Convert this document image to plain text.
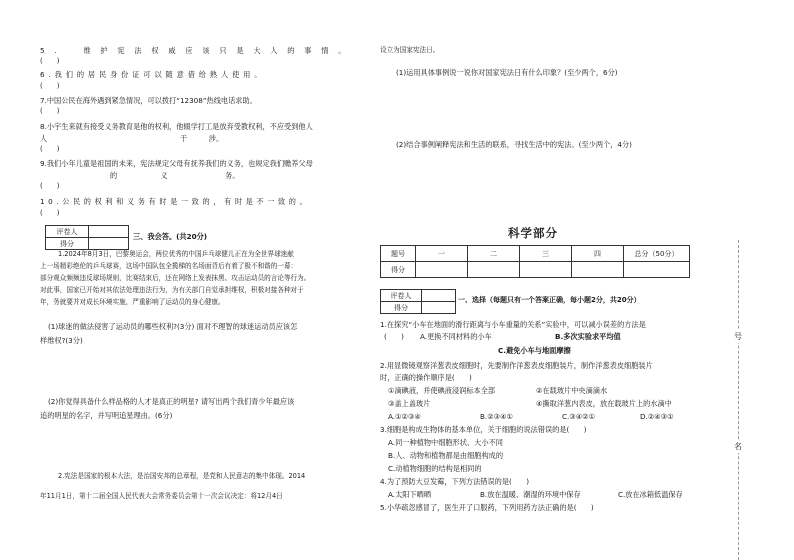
5.　维护宪法权威应该只是大人的事情。
(　　)
6.我们的居民身份证可以随意借给熟人使用。
(　　)
7.中国公民在海外遇到紧急情况，可以拨打“12308”热线电话求助。
(　　)
8.小宇生来就有接受义务教育是他的权利，他辍学打工是放弃受教权利，不应受到他人
人	干　　　涉。
(　　)
9.我们小年儿童是祖国的未来，宪法规定父母有抚养我们的义务，也规定我们赡养父母
的　　　　　　义　　　　　　　　务。
(　　)
10.公民的权利和义务有时是一致的，有时是不一致的。
(　　)
评卷人	
得分	
三、我会答。(共20分)
1.2024年8月3日，巴黎奥运会，两位优秀的中国乒乓球健儿正在为全世界球迷献
上一场精彩绝伦的乒乓球赛，这场中国队包全揽梯的名场面背后有着了极不和谐的一幕：
部分观众频频违反球场规则，比赛结束后，还在网络上发表抹黑、攻击运动员的言论等行为。
对此事，国家已开始对其依法处理违法行为，为有关部门自觉承担维权，积极对接各种对于
年，务就要并对成长环境实施，严重影响了运动员的身心健康。
(1)球迷的做法侵害了运动员的哪些权利?(3分) 面对不理智的球迷运动员应该怎
样维权?(3分)
(2)你觉得具备什么样品格的人才是真正的明星? 请写出两个我们青少年最应该
追的明星的名字，并写明追星理由。(6分)
2.宪法是国家的根本大法，是治国安邦的总章程，是党和人民意志的集中体现。2014
年11月1日，第十二届全国人民代表大会常务委员会第十一次会议决定：将12月4日
设立为国家宪法日。
(1)运用具体事例说一说你对国家宪法日有什么印象？(至少两个，6分)
(2)结合事例阐释宪法和生活的联系，寻找生活中的宪法。(至少两个，4分)
科学部分
题号	一	二	三	四	总分（50分）
得分					
评卷人	
得分	
一、选择（每题只有一个答案正确，每小题2分，共20分）
1.在探究“小车在地面的滑行距离与小车重量的关系”实验中，可以减小误差的方法是
(　　) A.更换不同材料的小车	B.多次实验求平均值
C.避免小车与地面摩擦
2.用显微镜观察洋葱表皮细胞时，先要制作洋葱表皮细胞装片，制作洋葱表皮细胞装片
时，正确的操作顺序是(　　)
①滴碘液，并使碘液浸润标本全部	②在载玻片中央滴滴水
③盖上盖玻片	④撕取洋葱内表皮，放在载玻片上的水滴中
A.①②③④	B.②③④①	C.③④②①	D.②④③①
3.细胞是构成生物体的基本单位，关于细胞的说法错误的是(　　)
A.同一种植物中细胞形状、大小不同
B.人、动物和植物都是由细胞构成的
C.动植物细胞的结构是相同的
4.为了预防大豆发霉，下列方法错误的是(　　)
A.太阳下晒晒	B.放在温暖、潮湿的环境中保存	C.放在冰箱低温保存
5.小华疏忽感冒了，医生开了口服药，下列用药方法正确的是(　　)
号
名
